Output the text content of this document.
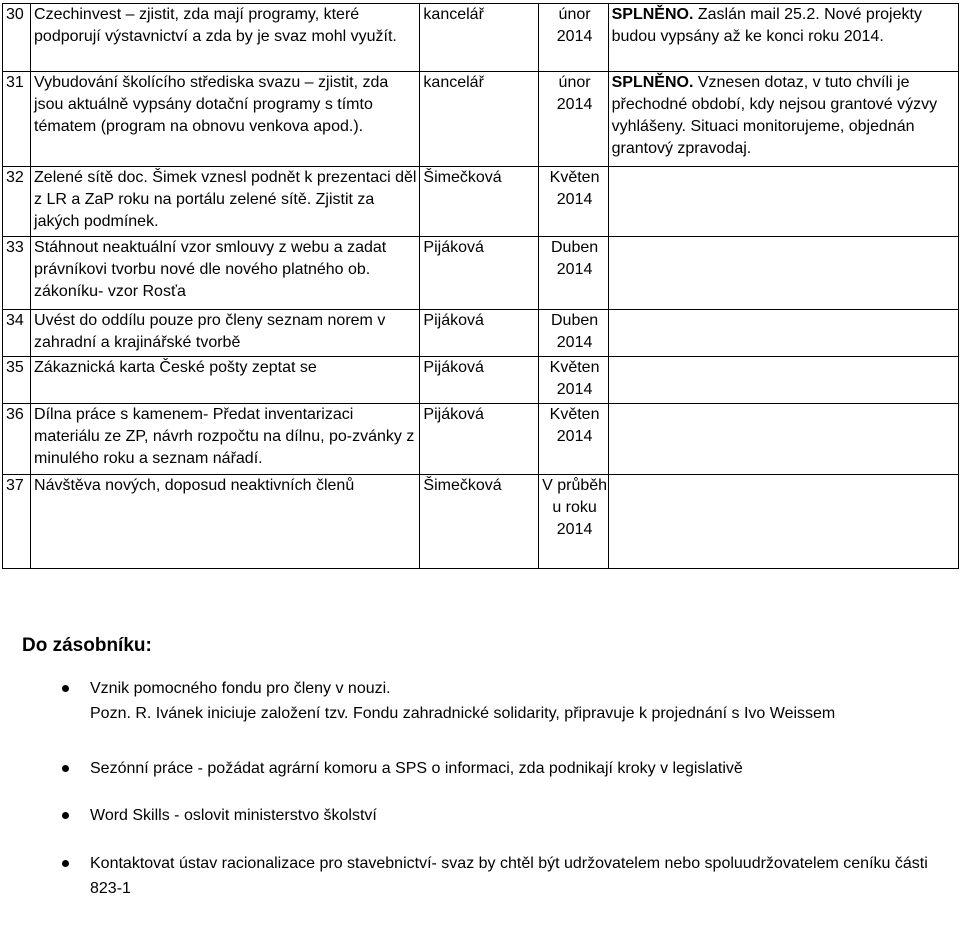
30	Czechinvest – zjistit, zda mají programy, které podporují výstavnictví a zda by je svaz mohl využít.	kancelář	únor 2014	SPLNĚNO. Zaslán mail 25.2. Nové projekty budou vypsány až ke konci roku 2014.
31	Vybudování školícího střediska svazu – zjistit, zda jsou aktuálně vypsány dotační programy s tímto tématem (program na obnovu venkova apod.).	kancelář	únor 2014	SPLNĚNO. Vznesen dotaz, v tuto chvíli je přechodné období, kdy nejsou grantové výzvy vyhlášeny. Situaci monitorujeme, objednán grantový zpravodaj.
32	Zelené sítě doc. Šimek vznesl podnět k prezentaci děl z LR a ZaP roku na portálu zelené sítě. Zjistit za jakých podmínek.	Šimečková	Květen 2014	
33	Stáhnout neaktuální vzor smlouvy z webu a zadat právníkovi tvorbu nové dle nového platného ob. zákoníku- vzor Rosťa	Pijáková	Duben 2014	
34	Uvést do oddílu pouze pro členy seznam norem v zahradní a krajinářské tvorbě	Pijáková	Duben 2014	
35	Zákaznická karta České pošty zeptat se	Pijáková	Květen 2014	
36	Dílna práce s kamenem- Předat inventarizaci materiálu ze ZP, návrh rozpočtu na dílnu, po-zvánky z minulého roku a seznam nářadí.	Pijáková	Květen 2014	
37	Návštěva nových, doposud neaktivních členů	Šimečková	V průběh u roku 2014	
Do zásobníku:
Vznik pomocného fondu pro členy v nouzi.
Pozn. R. Ivánek iniciuje založení tzv. Fondu zahradnické solidarity, připravuje k projednání s Ivo Weissem
Sezónní práce - požádat agrární komoru a SPS o informaci, zda podnikají kroky v legislativě
Word Skills - oslovit ministerstvo školství
Kontaktovat ústav racionalizace pro stavebnictví- svaz by chtěl být udržovatelem nebo spoluudržovatelem ceníku části 823-1
